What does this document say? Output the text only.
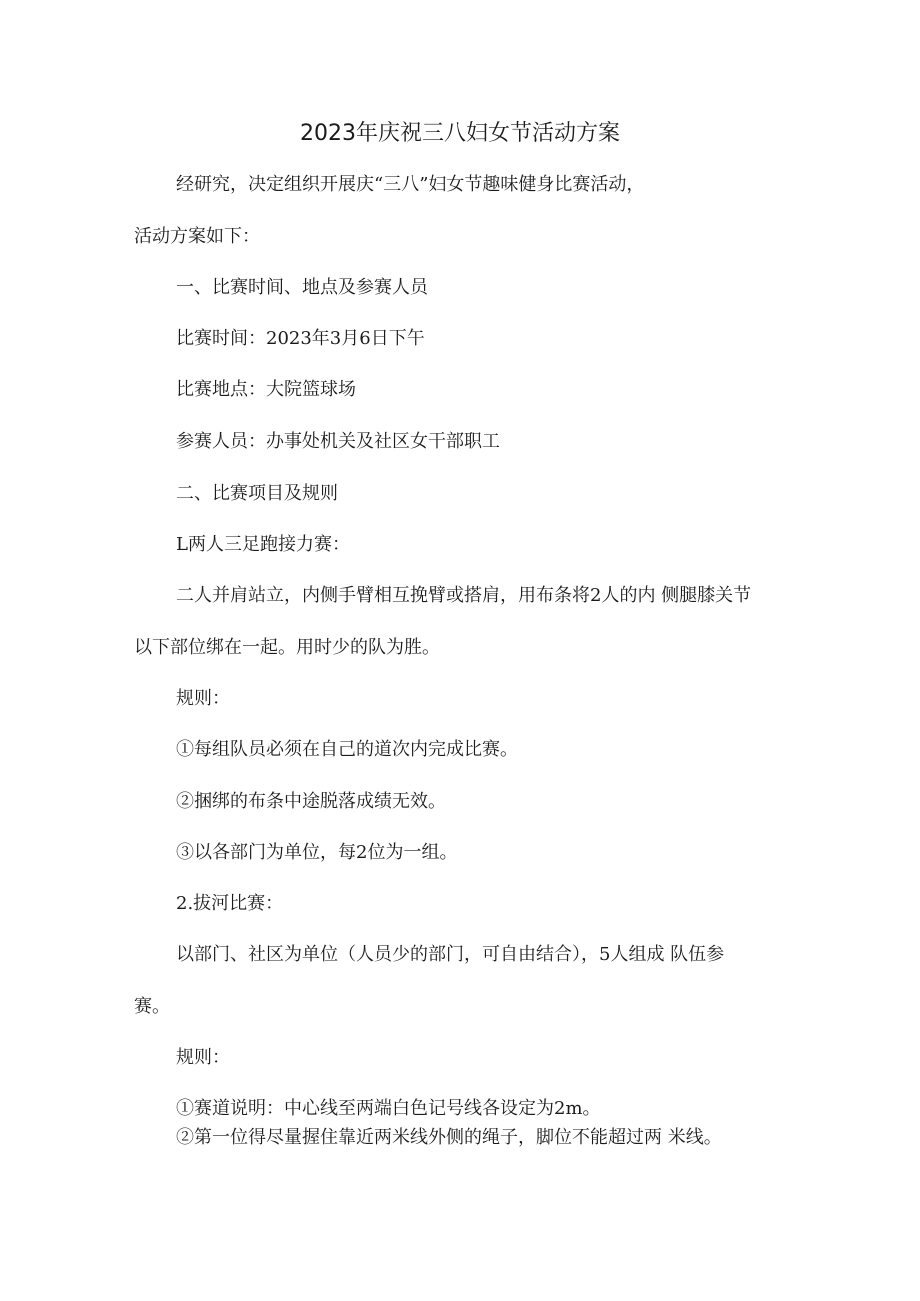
2023年庆祝三八妇女节活动方案
经研究，决定组织开展庆“三八”妇女节趣味健身比赛活动，
活动方案如下：
一、比赛时间、地点及参赛人员
比赛时间：2023年3月6日下午
比赛地点：大院篮球场
参赛人员：办事处机关及社区女干部职工
二、比赛项目及规则
L两人三足跑接力赛：
二人并肩站立，内侧手臂相互挽臂或搭肩，用布条将2人的内 侧腿膝关节
以下部位绑在一起。用时少的队为胜。
规则：
①每组队员必须在自己的道次内完成比赛。
②捆绑的布条中途脱落成绩无效。
③以各部门为单位，每2位为一组。
2.拔河比赛：
以部门、社区为单位（人员少的部门，可自由结合），5人组成 队伍参
赛。
规则：
①赛道说明：中心线至两端白色记号线各设定为2m。
②第一位得尽量握住靠近两米线外侧的绳子，脚位不能超过两 米线。
